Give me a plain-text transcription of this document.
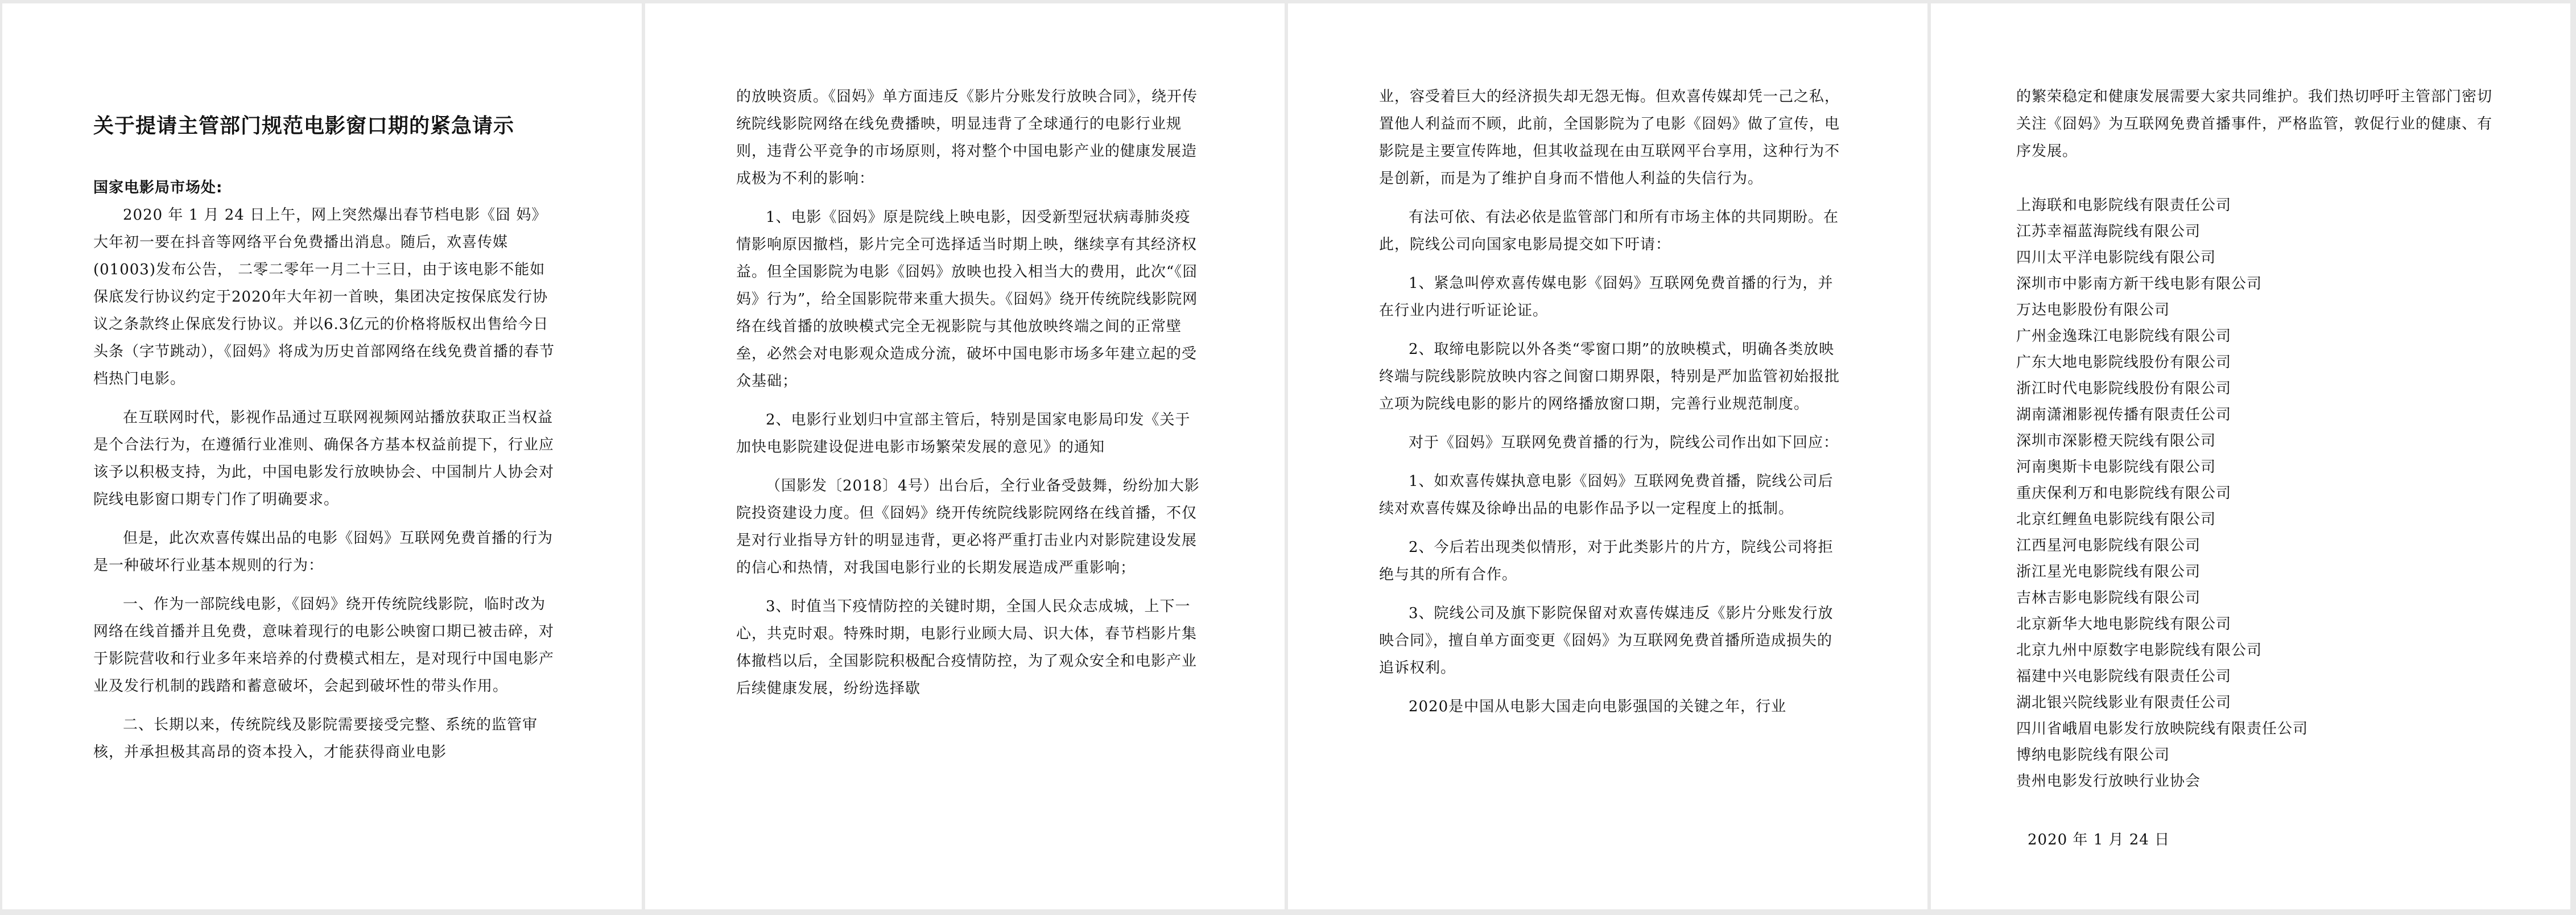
关于提请主管部门规范电影窗口期的紧急请示
国家电影局市场处:

2020 年 1 月 24 日上午，网上突然爆出春节档电影《囧 妈》大年初一要在抖音等网络平台免费播出消息。随后，欢喜传媒(01003)发布公告， 二零二零年一月二十三日，由于该电影不能如保底发行协议约定于2020年大年初一首映，集团决定按保底发行协议之条款终止保底发行协议。并以6.3亿元的价格将版权出售给今日头条（字节跳动），《囧妈》将成为历史首部网络在线免费首播的春节档热门电影。

在互联网时代，影视作品通过互联网视频网站播放获取正当权益是个合法行为，在遵循行业准则、确保各方基本权益前提下，行业应该予以积极支持，为此，中国电影发行放映协会、中国制片人协会对院线电影窗口期专门作了明确要求。

但是，此次欢喜传媒出品的电影《囧妈》互联网免费首播的行为是一种破坏行业基本规则的行为：

一、作为一部院线电影，《囧妈》绕开传统院线影院，临时改为网络在线首播并且免费，意味着现行的电影公映窗口期已被击碎，对于影院营收和行业多年来培养的付费模式相左，是对现行中国电影产业及发行机制的践踏和蓄意破坏，会起到破坏性的带头作用。

二、长期以来，传统院线及影院需要接受完整、系统的监管审核，并承担极其高昂的资本投入，才能获得商业电影

的放映资质。《囧妈》单方面违反《影片分账发行放映合同》，绕开传统院线影院网络在线免费播映，明显违背了全球通行的电影行业规则，违背公平竞争的市场原则，将对整个中国电影产业的健康发展造成极为不利的影响：

1、电影《囧妈》原是院线上映电影，因受新型冠状病毒肺炎疫情影响原因撤档，影片完全可选择适当时期上映，继续享有其经济权益。但全国影院为电影《囧妈》放映也投入相当大的费用，此次“《囧妈》行为”，给全国影院带来重大损失。《囧妈》绕开传统院线影院网络在线首播的放映模式完全无视影院与其他放映终端之间的正常壁垒，必然会对电影观众造成分流，破坏中国电影市场多年建立起的受众基础；

2、电影行业划归中宣部主管后，特别是国家电影局印发《关于加快电影院建设促进电影市场繁荣发展的意见》的通知

（国影发〔2018〕4号）出台后，全行业备受鼓舞，纷纷加大影院投资建设力度。但《囧妈》绕开传统院线影院网络在线首播，不仅是对行业指导方针的明显违背，更必将严重打击业内对影院建设发展的信心和热情，对我国电影行业的长期发展造成严重影响；

3、时值当下疫情防控的关键时期，全国人民众志成城，上下一心，共克时艰。特殊时期，电影行业顾大局、识大体，春节档影片集体撤档以后，全国影院积极配合疫情防控，为了观众安全和电影产业后续健康发展，纷纷选择歇

业，容受着巨大的经济损失却无怨无悔。但欢喜传媒却凭一己之私，置他人利益而不顾，此前，全国影院为了电影《囧妈》做了宣传，电影院是主要宣传阵地，但其收益现在由互联网平台享用，这种行为不是创新，而是为了维护自身而不惜他人利益的失信行为。

有法可依、有法必依是监管部门和所有市场主体的共同期盼。在此，院线公司向国家电影局提交如下吁请：

1、紧急叫停欢喜传媒电影《囧妈》互联网免费首播的行为，并在行业内进行听证论证。

2、取缔电影院以外各类“零窗口期”的放映模式，明确各类放映终端与院线影院放映内容之间窗口期界限，特别是严加监管初始报批立项为院线电影的影片的网络播放窗口期，完善行业规范制度。

对于《囧妈》互联网免费首播的行为，院线公司作出如下回应：

1、如欢喜传媒执意电影《囧妈》互联网免费首播，院线公司后续对欢喜传媒及徐峥出品的电影作品予以一定程度上的抵制。

2、今后若出现类似情形，对于此类影片的片方，院线公司将拒绝与其的所有合作。

3、院线公司及旗下影院保留对欢喜传媒违反《影片分账发行放映合同》，擅自单方面变更《囧妈》为互联网免费首播所造成损失的追诉权利。

2020是中国从电影大国走向电影强国的关键之年，行业

的繁荣稳定和健康发展需要大家共同维护。我们热切呼吁主管部门密切关注《囧妈》为互联网免费首播事件，严格监管，敦促行业的健康、有序发展。

上海联和电影院线有限责任公司
江苏幸福蓝海院线有限公司
四川太平洋电影院线有限公司
深圳市中影南方新干线电影有限公司
万达电影股份有限公司
广州金逸珠江电影院线有限公司
广东大地电影院线股份有限公司
浙江时代电影院线股份有限公司
湖南潇湘影视传播有限责任公司
深圳市深影橙天院线有限公司
河南奥斯卡电影院线有限公司
重庆保利万和电影院线有限公司
北京红鲤鱼电影院线有限公司
江西星河电影院线有限公司
浙江星光电影院线有限公司
吉林吉影电影院线有限公司
北京新华大地电影院线有限公司
北京九州中原数字电影院线有限公司
福建中兴电影院线有限责任公司
湖北银兴院线影业有限责任公司
四川省峨眉电影发行放映院线有限责任公司
博纳电影院线有限公司
贵州电影发行放映行业协会
2020 年 1 月 24 日
